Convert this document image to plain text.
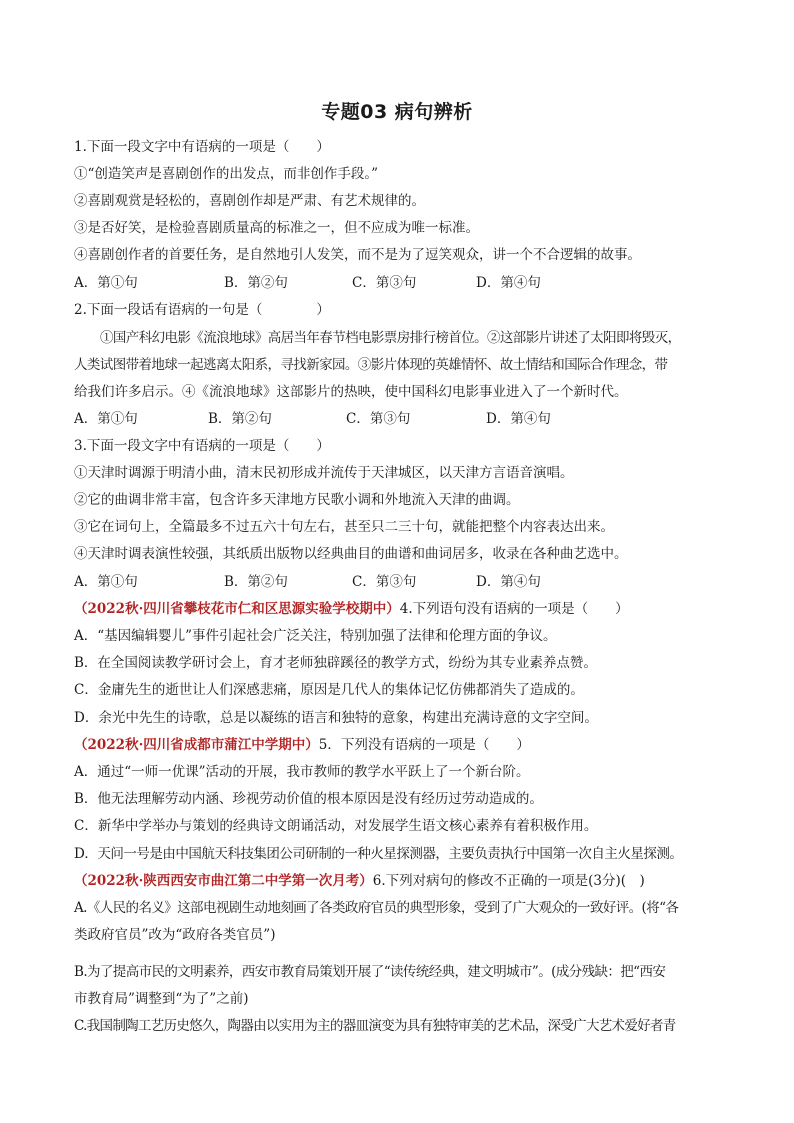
专题03 病句辨析
1.下面一段文字中有语病的一项是（　　）
①“创造笑声是喜剧创作的出发点，而非创作手段。”
②喜剧观赏是轻松的，喜剧创作却是严肃、有艺术规律的。
③是否好笑，是检验喜剧质量高的标准之一，但不应成为唯一标准。
④喜剧创作者的首要任务，是自然地引人发笑，而不是为了逗笑观众，讲一个不合逻辑的故事。
A．第①句	B．第②句	C．第③句	D．第④句
2.下面一段话有语病的一句是（　　　　）
①国产科幻电影《流浪地球》高居当年春节档电影票房排行榜首位。②这部影片讲述了太阳即将毁灭，
人类试图带着地球一起逃离太阳系，寻找新家园。③影片体现的英雄情怀、故土情结和国际合作理念，带
给我们许多启示。④《流浪地球》这部影片的热映，使中国科幻电影事业进入了一个新时代。
A．第①句	B．第②句	C．第③句	D．第④句
3.下面一段文字中有语病的一项是（　　）
①天津时调源于明清小曲，清末民初形成并流传于天津城区，以天津方言语音演唱。
②它的曲调非常丰富，包含许多天津地方民歌小调和外地流入天津的曲调。
③它在词句上，全篇最多不过五六十句左右，甚至只二三十句，就能把整个内容表达出来。
④天津时调表演性较强，其纸质出版物以经典曲目的曲谱和曲词居多，收录在各种曲艺选中。
A．第①句	B．第②句	C．第③句	D．第④句
（2022秋·四川省攀枝花市仁和区思源实验学校期中）4.下列语句没有语病的一项是（　　）
A．“基因编辑婴儿”事件引起社会广泛关注，特别加强了法律和伦理方面的争议。
B．在全国阅读教学研讨会上，育才老师独辟蹊径的教学方式，纷纷为其专业素养点赞。
C．金庸先生的逝世让人们深感悲痛，原因是几代人的集体记忆仿佛都消失了造成的。
D．余光中先生的诗歌，总是以凝练的语言和独特的意象，构建出充满诗意的文字空间。
（2022秋·四川省成都市蒲江中学期中）5．下列没有语病的一项是（　　）
A．通过“一师一优课”活动的开展，我市教师的教学水平跃上了一个新台阶。
B．他无法理解劳动内涵、珍视劳动价值的根本原因是没有经历过劳动造成的。
C．新华中学举办与策划的经典诗文朗诵活动，对发展学生语文核心素养有着积极作用。
D．天问一号是由中国航天科技集团公司研制的一种火星探测器，主要负责执行中国第一次自主火星探测。
（2022秋·陕西西安市曲江第二中学第一次月考）6.下列对病句的修改不正确的一项是(3分)(　)
A.《人民的名义》这部电视剧生动地刻画了各类政府官员的典型形象，受到了广大观众的一致好评。(将“各
类政府官员”改为“政府各类官员”)
B.为了提高市民的文明素养，西安市教育局策划开展了“读传统经典，建文明城市”。(成分残缺：把“西安
市教育局”调整到“为了”之前)
C.我国制陶工艺历史悠久，陶器由以实用为主的器皿演变为具有独特审美的艺术品，深受广大艺术爱好者青
